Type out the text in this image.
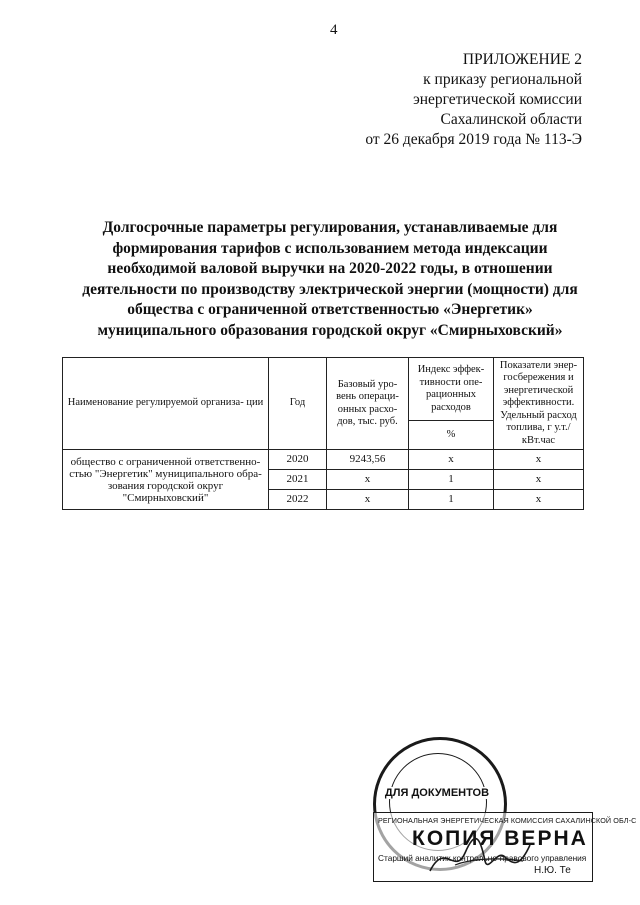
4
ПРИЛОЖЕНИЕ 2
к приказу региональной
энергетической комиссии
Сахалинской области
от 26 декабря 2019 года № 113-Э
Долгосрочные параметры регулирования, устанавливаемые для
формирования тарифов с использованием метода индексации
необходимой валовой выручки на 2020-2022 годы, в отношении
деятельности по производству электрической энергии (мощности) для
общества с ограниченной ответственностью «Энергетик»
муниципального образования городской округ «Смирныховский»
Наименование регулируемой организа- ции	Год	Базовый уро- вень операци- онных расхо- дов, тыс. руб.	Индекс эффек- тивности опе- рационных расходов	Показатели энер- госбережения и энергетической эффективности. Удельный расход топлива, г у.т./кВт.час
			%	
общество с ограниченной ответственно- стью "Энергетик" муниципального обра- зования городской округ "Смирныховский"	2020	9243,56	x	x
	2021	x	1	x
	2022	x	1	x
ДЛЯ ДОКУМЕНТОВ
РЕГИОНАЛЬНАЯ ЭНЕРГЕТИЧЕСКАЯ КОМИССИЯ САХАЛИНСКОЙ ОБЛ-С
КОПИЯ ВЕРНА
Старший аналитик контрольно-правового управления
Н.Ю. Те
